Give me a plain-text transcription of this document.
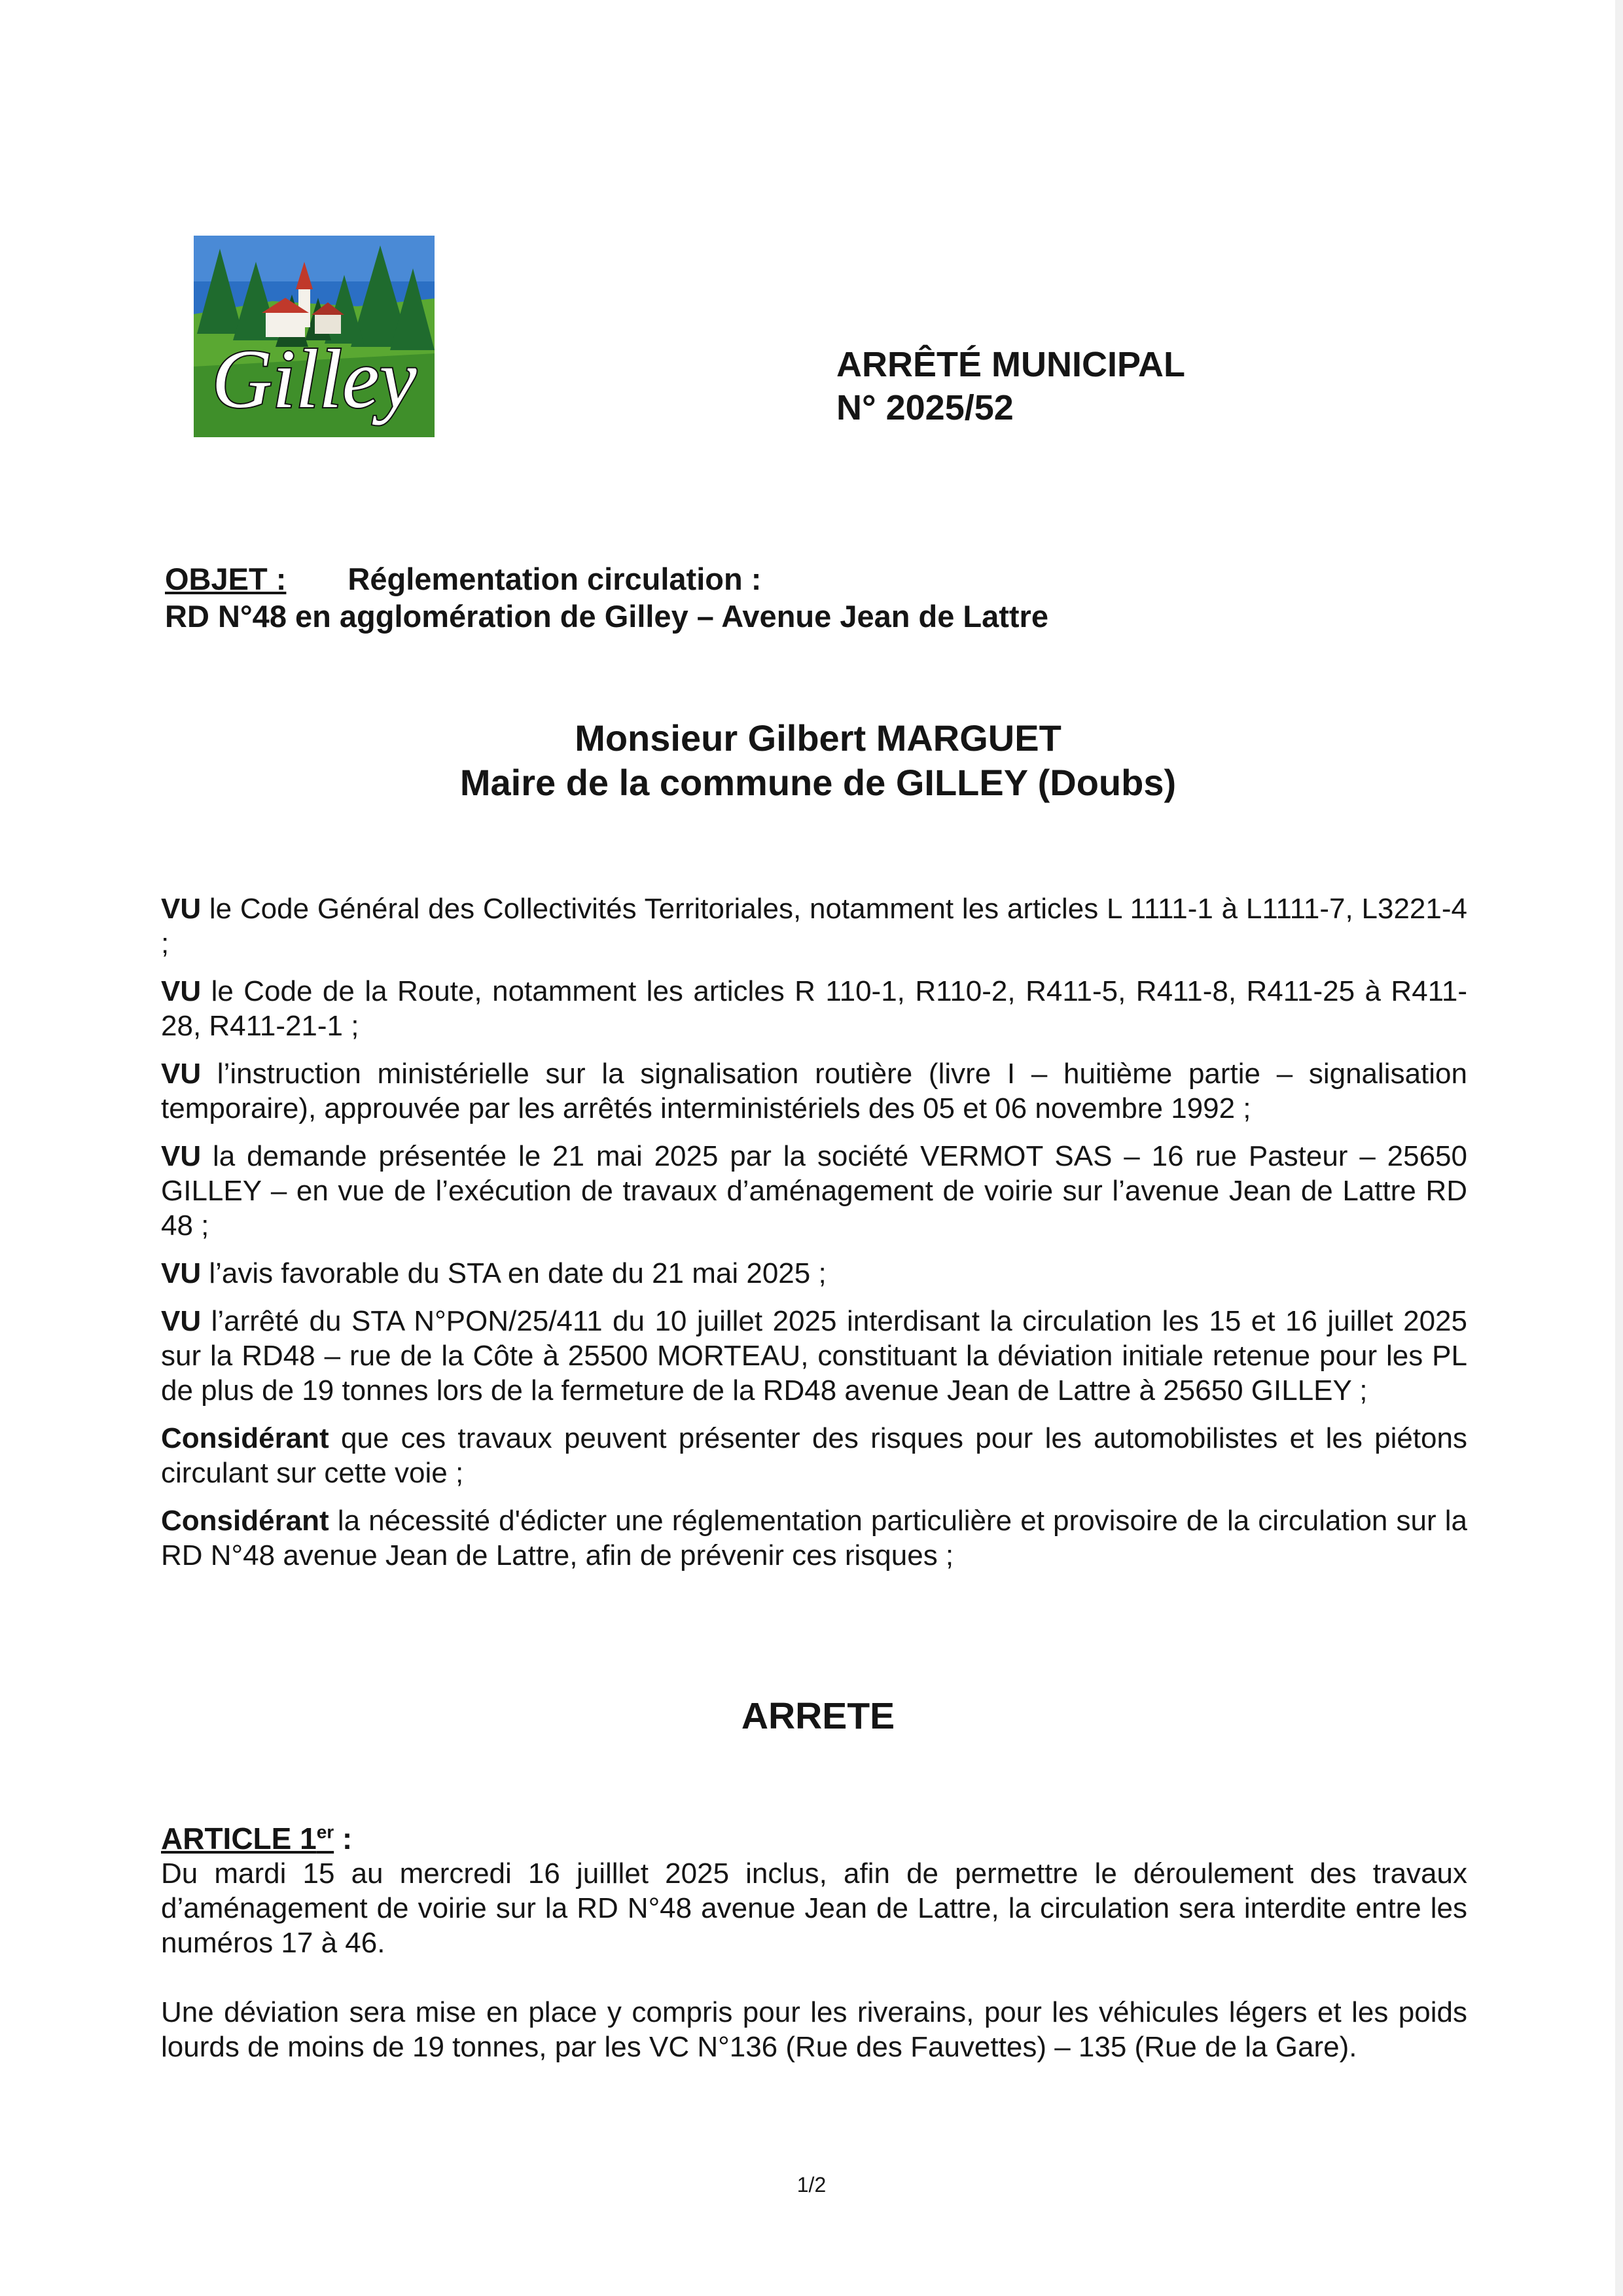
Gilley	ARRÊTÉ MUNICIPAL
N° 2025/52
OBJET : Réglementation circulation :
RD N°48 en agglomération de Gilley – Avenue Jean de Lattre
Monsieur Gilbert MARGUET
Maire de la commune de GILLEY (Doubs)

VU le Code Général des Collectivités Territoriales, notamment les articles L 1111-1 à L1111-7, L3221-4 ;

VU le Code de la Route, notamment les articles R 110-1, R110-2, R411-5, R411-8, R411-25 à R411-28, R411-21-1 ;

VU l’instruction ministérielle sur la signalisation routière (livre I – huitième partie – signalisation temporaire), approuvée par les arrêtés interministériels des 05 et 06 novembre 1992 ;

VU la demande présentée le 21 mai 2025 par la société VERMOT SAS – 16 rue Pasteur – 25650 GILLEY – en vue de l’exécution de travaux d’aménagement de voirie sur l’avenue Jean de Lattre RD 48 ;

VU l’avis favorable du STA en date du 21 mai 2025 ;

VU l’arrêté du STA N°PON/25/411 du 10 juillet 2025 interdisant la circulation les 15 et 16 juillet 2025 sur la RD48 – rue de la Côte à 25500 MORTEAU, constituant la déviation initiale retenue pour les PL de plus de 19 tonnes lors de la fermeture de la RD48 avenue Jean de Lattre à 25650 GILLEY ;

Considérant que ces travaux peuvent présenter des risques pour les automobilistes et les piétons circulant sur cette voie ;

Considérant la nécessité d'édicter une réglementation particulière et provisoire de la circulation sur la RD N°48 avenue Jean de Lattre, afin de prévenir ces risques ;

ARRETE
ARTICLE 1er :

Du mardi 15 au mercredi 16 juilllet 2025 inclus, afin de permettre le déroulement des travaux d’aménagement de voirie sur la RD N°48 avenue Jean de Lattre, la circulation sera interdite entre les numéros 17 à 46.

Une déviation sera mise en place y compris pour les riverains, pour les véhicules légers et les poids lourds de moins de 19 tonnes, par les VC N°136 (Rue des Fauvettes) – 135 (Rue de la Gare).

1/2
